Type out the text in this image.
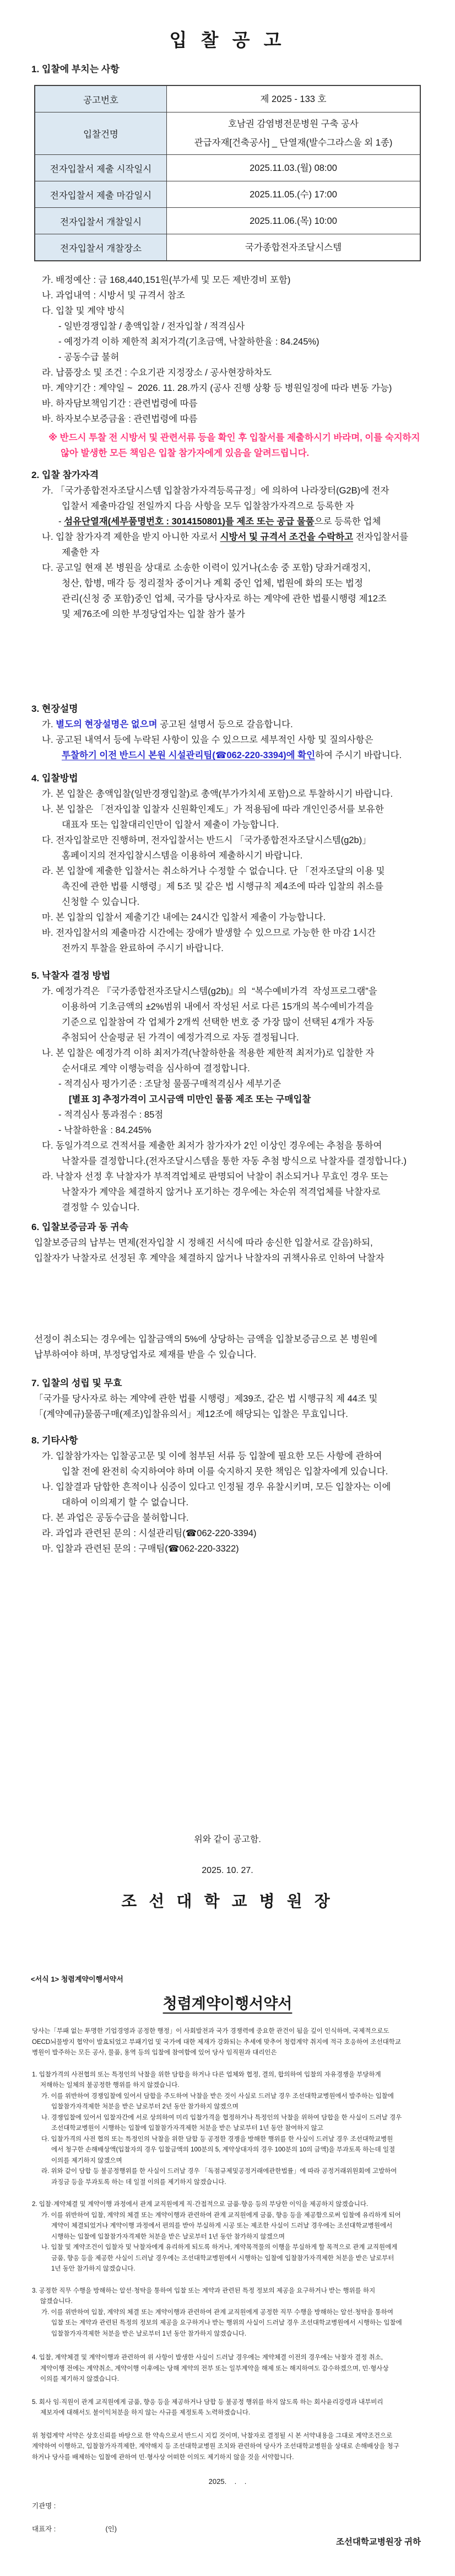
입 찰 공 고
1. 입찰에 부치는 사항
공고번호	제 2025 - 133 호

입찰건명	호남권 감염병전문병원 구축 공사
관급자재[건축공사] _ 단열재(발수그라스울 외 1종)

전자입찰서 제출 시작일시	2025.11.03.(월) 08:00

전자입찰서 제출 마감일시	2025.11.05.(수) 17:00

전자입찰서 개찰일시	2025.11.06.(목) 10:00

전자입찰서 개찰장소	국가종합전자조달시스템
가. 배정예산 : 금 168,440,151원(부가세 및 모든 제반경비 포함)
나. 과업내역 : 시방서 및 규격서 참조
다. 입찰 및 계약 방식
- 일반경쟁입찰 / 총액입찰 / 전자입찰 / 적격심사
- 예정가격 이하 제한적 최저가격(기초금액, 낙찰하한율 : 84.245%)
- 공동수급 불허
라. 납품장소 및 조건 : 수요기관 지정장소 / 공사현장하차도
마. 계약기간 : 계약일 ~  2026. 11. 28.까지 (공사 진행 상황 등 병원일정에 따라 변동 가능)
바. 하자담보책임기간 : 관련법령에 따름
바. 하자보수보증금율 : 관련법령에 따름
※ 반드시 투찰 전 시방서 및 관련서류 등을 확인 후 입찰서를 제출하시기 바라며, 이를 숙지하지
않아 발생한 모든 책임은 입찰 참가자에게 있음을 알려드립니다.
2. 입찰 참가자격
가. 「국가종합전자조달시스템 입찰참가자격등록규정」에 의하여 나라장터(G2B)에 전자
입찰서 제출마감일 전일까지 다음 사항을 모두 입찰참가자격으로 등록한 자
- 섬유단열재(세부품명번호 : 3014150801)를 제조 또는 공급 물품으로 등록한 업체
나. 입찰 참가자격 제한을 받지 아니한 자로서 시방서 및 규격서 조건을 수락하고 전자입찰서를
제출한 자
다. 공고일 현재 본 병원을 상대로 소송한 이력이 있거나(소송 중 포함) 당좌거래정지,
청산, 합병, 매각 등 정리절차 중이거나 계획 중인 업체, 법원에 화의 또는 법정
관리(신청 중 포함)중인 업체, 국가를 당사자로 하는 계약에 관한 법률시행령 제12조
및 제76조에 의한 부정당업자는 입찰 참가 불가
3. 현장설명
가. 별도의 현장설명은 없으며 공고된 설명서 등으로 갈음합니다.
나. 공고된 내역서 등에 누락된 사항이 있을 수 있으므로 세부적인 사항 및 질의사항은
투찰하기 이전 반드시 본원 시설관리팀(☎062-220-3394)에 확인하여 주시기 바랍니다.
4. 입찰방법
가. 본 입찰은 총액입찰(일반경쟁입찰)로 총액(부가가치세 포함)으로 투찰하시기 바랍니다.
나. 본 입찰은 「전자입찰 입찰자 신원확인제도」가 적용됨에 따라 개인인증서를 보유한
대표자 또는 입찰대리인만이 입찰서 제출이 가능합니다.
다. 전자입찰로만 진행하며, 전자입찰서는 반드시 「국가종합전자조달시스템(g2b)」
홈페이지의 전자입찰시스템을 이용하여 제출하시기 바랍니다.
라. 본 입찰에 제출한 입찰서는 취소하거나 수정할 수 없습니다. 단 「전자조달의 이용 및
촉진에 관한 법률 시행령」제 5조 및 같은 법 시행규칙 제4조에 따라 입찰의 취소를
신청할 수 있습니다.
마. 본 입찰의 입찰서 제출기간 내에는 24시간 입찰서 제출이 가능합니다.
바. 전자입찰서의 제출마감 시간에는 장애가 발생할 수 있으므로 가능한 한 마감 1시간
전까지 투찰을 완료하여 주시기 바랍니다.
5. 낙찰자 결정 방법
가. 예정가격은 『국가종합전자조달시스템(g2b)』의  “복수예비가격  작성프로그램”을
이용하여 기초금액의 ±2%범위 내에서 작성된 서로 다른 15개의 복수예비가격을
기준으로 입찰참여 각 업체가 2개씩 선택한 번호 중 가장 많이 선택된 4개가 자동
추첨되어 산술평균 된 가격이 예정가격으로 자동 결정됩니다.
나. 본 입찰은 예정가격 이하 최저가격(낙찰하한율 적용한 제한적 최저가)로 입찰한 자
순서대로 계약 이행능력을 심사하여 결정합니다.
- 적격심사 평가기준 : 조달청 물품구매적격심사 세부기준
[별표 3] 추정가격이 고시금액 미만인 물품 제조 또는 구매입찰
- 적격심사 통과점수 : 85점
- 낙찰하한율 : 84.245%
다. 동일가격으로 견적서를 제출한 최저가 참가자가 2인 이상인 경우에는 추첨을 통하여
낙찰자를 결정합니다.(전자조달시스템을 통한 자동 추첨 방식으로 낙찰자를 결정합니다.)
라. 낙찰자 선정 후 낙찰자가 부적격업체로 판명되어 낙찰이 취소되거나 무효인 경우 또는
낙찰자가 계약을 체결하지 않거나 포기하는 경우에는 차순위 적격업체를 낙찰자로
결정할 수 있습니다.
6. 입찰보증금과 동 귀속
입찰보증금의 납부는 면제(전자입찰 시 정해진 서식에 따라 송신한 입찰서로 갈음)하되,
입찰자가 낙찰자로 선정된 후 계약을 체결하지 않거나 낙찰자의 귀책사유로 인하여 낙찰자
선정이 취소되는 경우에는 입찰금액의 5%에 상당하는 금액을 입찰보증금으로 본 병원에
납부하여야 하며, 부정당업자로 제재를 받을 수 있습니다.
7. 입찰의 성립 및 무효
「국가를 당사자로 하는 계약에 관한 법률 시행령」제39조, 같은 법 시행규칙 제 44조 및
「(계약예규)물품구매(제조)입찰유의서」제12조에 해당되는 입찰은 무효입니다.
8. 기타사항
가. 입찰참가자는 입찰공고문 및 이에 첨부된 서류 등 입찰에 필요한 모든 사항에 관하여
입찰 전에 완전히 숙지하여야 하며 이를 숙지하지 못한 책임은 입찰자에게 있습니다.
나. 입찰결과 담합한 흔적이나 심증이 있다고 인정될 경우 유찰시키며, 모든 입찰자는 이에
대하여 이의제기 할 수 없습니다.
다. 본 과업은 공동수급을 불허합니다.
라. 과업과 관련된 문의 : 시설관리팀(☎062-220-3394)
마. 입찰과 관련된 문의 : 구매팀(☎062-220-3322)
위와 같이 공고함.
2025. 10. 27.
조 선 대 학 교 병 원 장
<서식 1> 청렴계약이행서약서
청렴계약이행서약서
당사는「부패 없는 투명한 기업경영과 공정한 행정」이 사회발전과 국가 경쟁력에 중요한 관건이 됨을 깊이 인식하며, 국제적으로도
OECD뇌물방지 협약이 발효되었고 부패기업 및 국가에 대한 제재가 강화되는 추세에 맞추어 청렴계약 취지에 적극 호응하여 조선대학교
병원이 발주하는 모든 공사, 물품, 용역 등의 입찰에 참여함에 있어 당사 임직원과 대리인은
1. 입찰가격의 사전협의 또는 특정인의 낙찰을 위한 담합을 하거나 다른 업체와 협정, 결의, 합의하여 입찰의 자유경쟁을 부당하게
저해하는 일체의 불공정한 행위를 하지 않겠습니다.
가. 이를 위반하여 경쟁입찰에 있어서 담합을 주도하여 낙찰을 받은 것이 사실로 드러날 경우 조선대학교병원에서 발주하는 입찰에
입찰참가자격제한 처분을 받은 날로부터 2년 동안 참가하지 않겠으며
나. 경쟁입찰에 있어서 입찰자간에 서로 상의하여 미리 입찰가격을 협정하거나 특정인의 낙찰을 위하여 담합을 한 사실이 드러날 경우
조선대학교병원이 시행하는 입찰에 입찰참가자격제한 처분을 받은 날로부터 1년 동안 참여하지 않고
다. 입찰가격의 사전 협의 또는 특정인의 낙찰을 위한 담합 등 공정한 경쟁을 방해한 행위를 한 사실이 드러날 경우 조선대학교병원
에서 청구한 손해배상액(입찰자의 경우 입찰금액의 100분의 5, 계약상대자의 경우 100분의 10의 금액)을 부과토록 하는데 일절
이의를 제기하지 않겠으며
라. 위와 같이 담합 등 불공정행위를 한 사실이 드러날 경우 「독점규제및공정거래에관한법률」에 따라 공정거래위원회에 고발하여
과징금 등을 부과토록 하는 데 일절 이의를 제기하지 않겠습니다.
2. 입찰·계약체결 및 계약이행 과정에서 관계 교직원에게 직·간접적으로 금품·향응 등의 부당한 이익을 제공하지 않겠습니다.
가. 이를 위반하여 입찰, 계약의 체결 또는 계약이행과 관련하여 관계 교직원에게 금품, 향응 등을 제공함으로써 입찰에 유리하게 되어
계약이 체결되었거나 계약이행 과정에서 편의를 받아 부실하게 시공 또는 제조한 사실이 드러날 경우에는 조선대학교병원에서
시행하는 입찰에 입찰참가자격제한 처분을 받은 날로부터 1년 동안 참가하지 않겠으며
나. 입찰 및 계약조건이 입찰자 및 낙찰자에게 유리하게 되도록 하거나, 계약목적물의 이행을 부실하게 할 목적으로 관계 교직원에게
금품, 향응 등을 제공한 사실이 드러날 경우에는 조선대학교병원에서 시행하는 입찰에 입찰참가자격제한 처분을 받은 날로부터
1년 동안 참가하지 않겠습니다.
3. 공정한 직무 수행을 방해하는 알선·청탁을 통하여 입찰 또는 계약과 관련된 특정 정보의 제공을 요구하거나 받는 행위를 하지
않겠습니다.
가. 이를 위반하여 입찰, 계약의 체결 또는 계약이행과 관련하여 관계 교직원에게 공정한 직무 수행을 방해하는 알선·청탁을 통하여
입찰 또는 계약과 관련된 특정의 정보의 제공을 요구하거나 받는 행위의 사실이 드러날 경우 조선대학교병원에서 시행하는 입찰에
입찰참가자격제한 처분을 받은 날로부터 1년 동안 참가하지 않겠습니다.
4. 입찰, 계약체결 및 계약이행과 관련하여 위 사항이 발생한 사실이 드러날 경우에는 계약체결 이전의 경우에는 낙찰자 결정 취소,
계약이행 전에는 계약취소, 계약이행 이후에는 당해 계약의 전부 또는 일부계약을 해제 또는 해지하여도 감수하겠으며, 민·형사상
이의를 제기하지 않겠습니다.
5. 회사 임·직원이 관계 교직원에게 금품, 향응 등을 제공하거나 담합 등 불공정 행위를 하지 않도록 하는 회사윤리강령과 내부비리
제보자에 대해서도 불이익처분을 하지 않는 사규를 제정토록 노력하겠습니다.
위 청렴계약 서약은 상호신뢰를 바탕으로 한 약속으로서 반드시 지킬 것이며, 낙찰자로 결정될 시 본 서약내용을 그대로 계약조건으로
계약하여 이행하고, 입찰참가자격제한, 계약해지 등 조선대학교병원 조치와 관련하여 당사가 조선대학교병원을 상대로 손해배상을 청구
하거나 당사를 배제하는 입찰에 관하여 민·형사상 어떠한 이의도 제기하지 않을 것을 서약합니다.
2025.    .    .
기관명 :
대표자 :                          (인)
조선대학교병원장 귀하
